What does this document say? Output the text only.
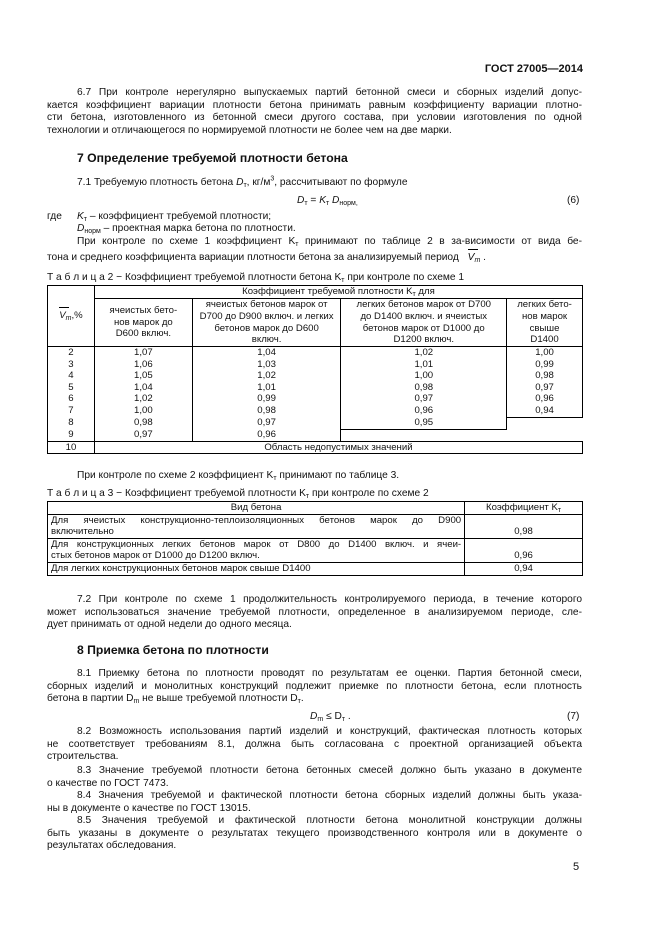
ГОСТ 27005—2014
6.7 При контроле нерегулярно выпускаемых партий бетонной смеси и сборных изделий допус-
кается коэффициент вариации плотности бетона принимать равным коэффициенту вариации плотно-
сти бетона, изготовленного из бетонной смеси другого состава, при условии изготовления по одной
технологии и отличающегося по нормируемой плотности не более чем на две марки.
7 Определение требуемой плотности бетона
7.1 Требуемую плотность бетона $D_т$, $кг/м^3$, рассчитывают по формуле
$D_т = K_т$ $D_{норм,}$	(6)
где $K_т$ – коэффициент требуемой плотности;
$D_{норм}$ – проектная марка бетона по плотности.
При контроле по схеме 1 коэффициент $K_т$ принимают по таблице 2 в за-висимости от вида бе-
тона и среднего коэффициента вариации плотности бетона за анализируемый период $V_m$ .
Т а б л и ц а 2 − Коэффициент требуемой плотности бетона $K_т$ при контроле по схеме 1
$V_m,\%$	Коэффициент требуемой плотности $K_т$ для			
	ячеистых бето-
нов марок до
D600 включ.	ячеистых бетонов марок от
D700 до D900 включ. и легких
бетонов марок до D600
включ.	легких бетонов марок от D700
до D1400 включ. и ячеистых
бетонов марок от D1000 до
D1200 включ.	легких бето-
нов марок
свыше
D1400
2	1,07	1,04	1,02	1,00
3	1,06	1,03	1,01	0,99
4	1,05	1,02	1,00	0,98
5	1,04	1,01	0,98	0,97
6	1,02	0,99	0,97	0,96
7	1,00	0,98	0,96	0,94
8	0,98	0,97	0,95	
9	0,97	0,96		
10	Область недопустимых значений			
При контроле по схеме 2 коэффициент $K_т$ принимают по таблице 3.
Т а б л и ц а 3 − Коэффициент требуемой плотности $K_т$ при контроле по схеме 2
Вид бетона	Коэффициент $K_т$

Для ячеистых конструкционно-теплоизоляционных бетонов марок до D900
включительно	0,98

Для конструкционных легких бетонов марок от D800 до D1400 включ. и ячеи-
стых бетонов марок от D1000 до D1200 включ.	0,96

Для легких конструкционных бетонов марок свыше D1400	0,94
7.2 При контроле по схеме 1 продолжительность контролируемого периода, в течение которого
может использоваться значение требуемой плотности, определенное в анализируемом периоде, сле-
дует принимать от одной недели до одного месяца.
8 Приемка бетона по плотности
8.1 Приемку бетона по плотности проводят по результатам ее оценки. Партия бетонной смеси,
сборных изделий и монолитных конструкций подлежит приемке по плотности бетона, если плотность
бетона в партии $D_m$ не выше требуемой плотности $D_т$.
$D_m \le D_т$ .	(7)
8.2 Возможность использования партий изделий и конструкций, фактическая плотность которых
не соответствует требованиям 8.1, должна быть согласована с проектной организацией объекта
строительства.
8.3 Значение требуемой плотности бетона бетонных смесей должно быть указано в документе
о качестве по ГОСТ 7473.
8.4 Значения требуемой и фактической плотности бетона сборных изделий должны быть указа-
ны в документе о качестве по ГОСТ 13015.
8.5 Значения требуемой и фактической плотности бетона монолитной конструкции должны
быть указаны в документе о результатах текущего производственного контроля или в документе о
результатах обследования.
5
